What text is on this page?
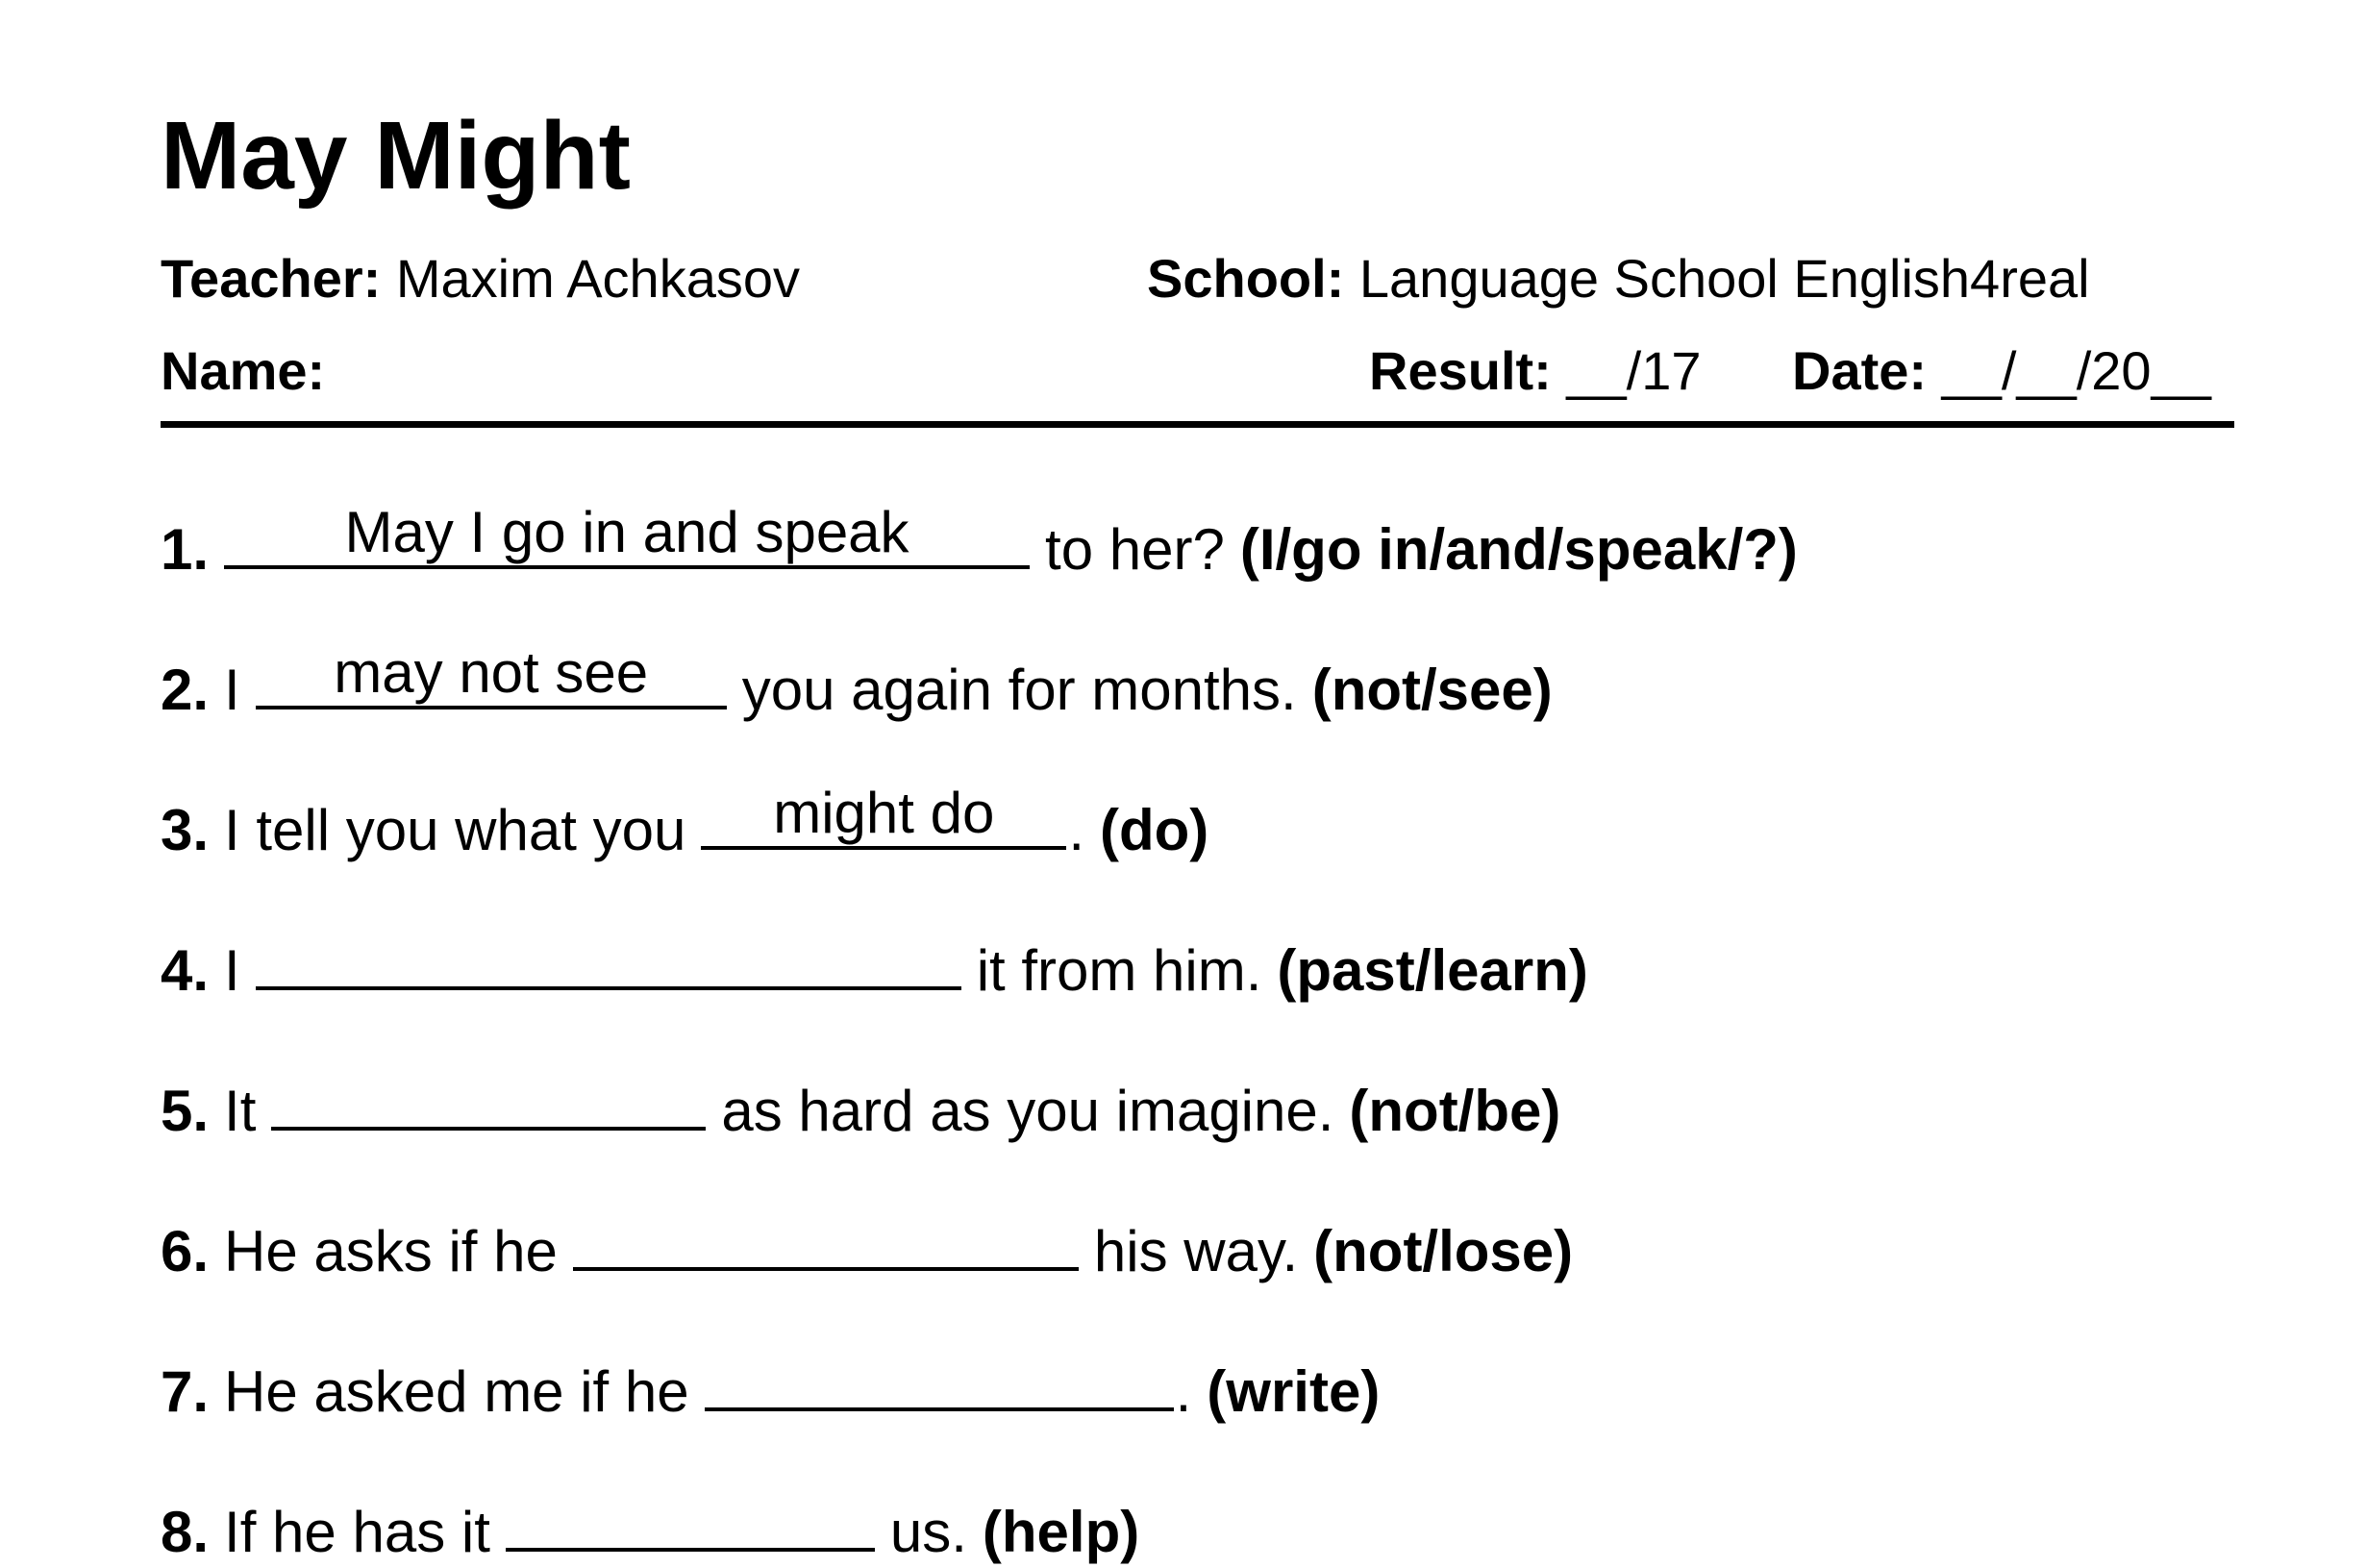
May Might
Teacher: Maxim Achkasov	School: Language School English4real
Name:	Result: __/17 Date: __/__/20__
1.	May I go in and speak	to her? (I/go in/and/speak/?)
2. I	may not see	you again for months. (not/see)
3. I tell you what you	might do	. (do)
4. I	it from him. (past/learn)
5. It	as hard as you imagine. (not/be)
6. He asks if he	his way. (not/lose)
7. He asked me if he	. (write)
8. If he has it	us. (help)
